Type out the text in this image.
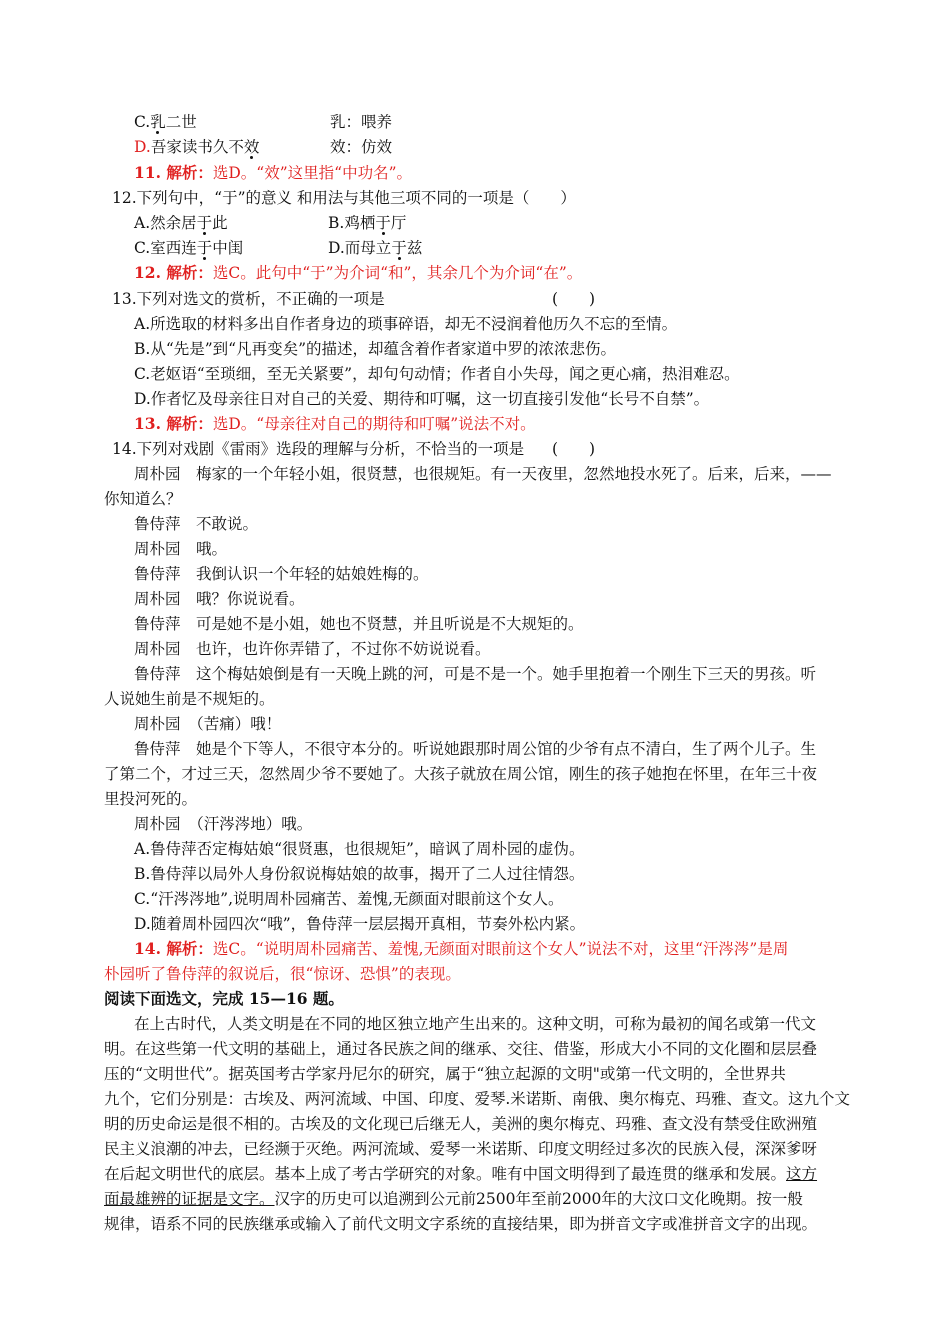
C.乳二世	乳：喂养
D.吾家读书久不效	效：仿效
11. 解析：选D。“效”这里指“中功名”。
12.下列句中，“于”的意义 和用法与其他三项不同的一项是（　　）
A.然余居于此	B.鸡栖于厅
C.室西连于中闺	D.而母立于兹
12. 解析：选C。此句中“于”为介词“和”，其余几个为介词“在”。
13.下列对选文的赏析，不正确的一项是	(　　)
A.所选取的材料多出自作者身边的琐事碎语，却无不浸润着他历久不忘的至情。
B.从“先是”到“凡再变矣”的描述，却蕴含着作者家道中罗的浓浓悲伤。
C.老妪语“至琐细，至无关紧要”，却句句动情；作者自小失母，闻之更心痛，热泪难忍。
D.作者忆及母亲往日对自己的关爱、期待和叮嘱，这一切直接引发他“长号不自禁”。
13. 解析：选D。“母亲往对自己的期待和叮嘱”说法不对。
14.下列对戏剧《雷雨》选段的理解与分析，不恰当的一项是 (　　)
周朴园　梅家的一个年轻小姐，很贤慧，也很规矩。有一天夜里，忽然地投水死了。后来，后来，——
你知道么？
鲁侍萍　不敢说。
周朴园　哦。
鲁侍萍　我倒认识一个年轻的姑娘姓梅的。
周朴园　哦？你说说看。
鲁侍萍　可是她不是小姐，她也不贤慧，并且听说是不大规矩的。
周朴园　也许，也许你弄错了，不过你不妨说说看。
鲁侍萍　这个梅姑娘倒是有一天晚上跳的河，可是不是一个。她手里抱着一个刚生下三天的男孩。听
人说她生前是不规矩的。
周朴园　（苦痛）哦！
鲁侍萍　她是个下等人，不很守本分的。听说她跟那时周公馆的少爷有点不清白，生了两个儿子。生
了第二个，才过三天，忽然周少爷不要她了。大孩子就放在周公馆，刚生的孩子她抱在怀里，在年三十夜
里投河死的。
周朴园　（汗涔涔地）哦。
A.鲁侍萍否定梅姑娘“很贤惠，也很规矩”，暗讽了周朴园的虚伪。
B.鲁侍萍以局外人身份叙说梅姑娘的故事，揭开了二人过往情怨。
C.“汗涔涔地”,说明周朴园痛苦、羞愧,无颜面对眼前这个女人。
D.随着周朴园四次“哦”，鲁侍萍一层层揭开真相，节奏外松内紧。
14. 解析：选C。“说明周朴园痛苦、羞愧,无颜面对眼前这个女人”说法不对，这里“汗涔涔”是周
朴园听了鲁侍萍的叙说后，很“惊讶、恐惧”的表现。
阅读下面选文，完成 15—16 题。
在上古时代，人类文明是在不同的地区独立地产生出来的。这种文明，可称为最初的闻名或第一代文
明。在这些第一代文明的基础上，通过各民族之间的继承、交往、借鉴，形成大小不同的文化圈和层层叠
压的“文明世代”。据英国考古学家丹尼尔的研究，属于“独立起源的文明"或第一代文明的，全世界共
九个，它们分别是：古埃及、两河流域、中国、印度、爱琴.米诺斯、南俄、奥尔梅克、玛雅、查文。这九个文
明的历史命运是很不相的。古埃及的文化现已后继无人，美洲的奥尔梅克、玛雅、查文没有禁受住欧洲殖
民主义浪潮的冲去，已经濒于灭绝。两河流域、爱琴一米诺斯、印度文明经过多次的民族入侵，深深爹呀
在后起文明世代的底层。基本上成了考古学研究的对象。唯有中国文明得到了最连贯的继承和发展。这方
面最雄辨的证据是文字。汉字的历史可以追溯到公元前2500年至前2000年的大汶口文化晚期。按一般
规律，语系不同的民族继承或输入了前代文明文字系统的直接结果，即为拼音文字或准拼音文字的出现。
